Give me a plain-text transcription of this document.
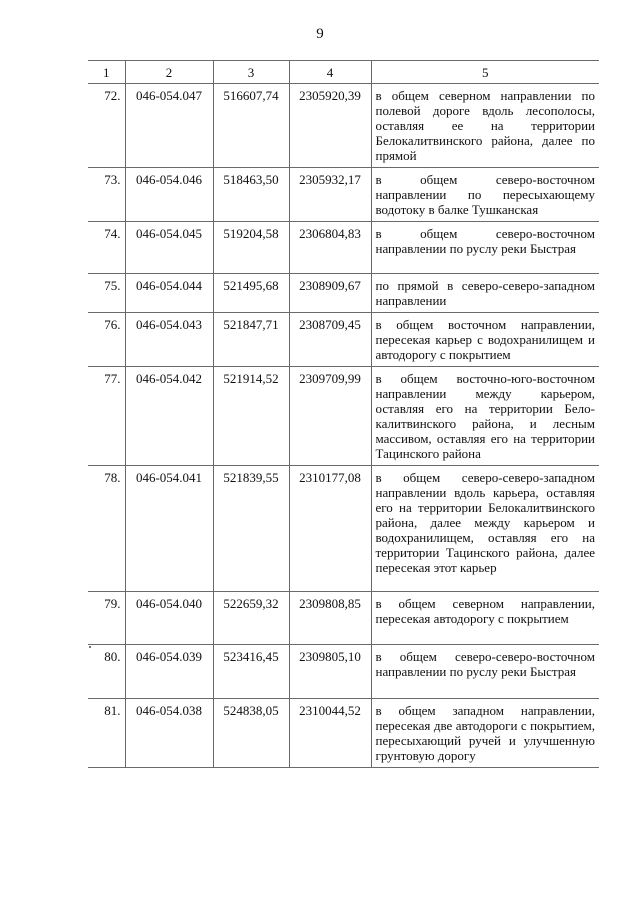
9
1	2	3	4	5
72.	046-054.047	516607,74	2305920,39	в общем северном направлении по полевой дороге вдоль лесополосы, оставляя ее на территории Белокалитвинского района, далее по прямой
73.	046-054.046	518463,50	2305932,17	в общем северо-восточном направлении по пересыхающему водотоку в балке Тушканская
74.	046-054.045	519204,58	2306804,83	в общем северо-восточном направлении по руслу реки Быстрая
75.	046-054.044	521495,68	2308909,67	по прямой в северо-северо-западном направлении
76.	046-054.043	521847,71	2308709,45	в общем восточном направлении, пересекая карьер с водохранилищем и автодорогу с покрытием
77.	046-054.042	521914,52	2309709,99	в общем восточно-юго-восточном направлении между карьером, оставляя его на территории Белокалитвинского района, и лесным массивом, оставляя его на территории Тацинского района
78.	046-054.041	521839,55	2310177,08	в общем северо-северо-западном направлении вдоль карьера, оставляя его на территории Белокалитвинского района, далее между карьером и водохранилищем, оставляя его на территории Тацинского района, далее пересекая этот карьер
79.	046-054.040	522659,32	2309808,85	в общем северном направлении, пересекая автодорогу с покрытием
80.	046-054.039	523416,45	2309805,10	в общем северо-северо-восточном направлении по руслу реки Быстрая
81.	046-054.038	524838,05	2310044,52	в общем западном направлении, пересекая две автодороги с покрытием, пересыхающий ручей и улучшенную грунтовую дорогу
